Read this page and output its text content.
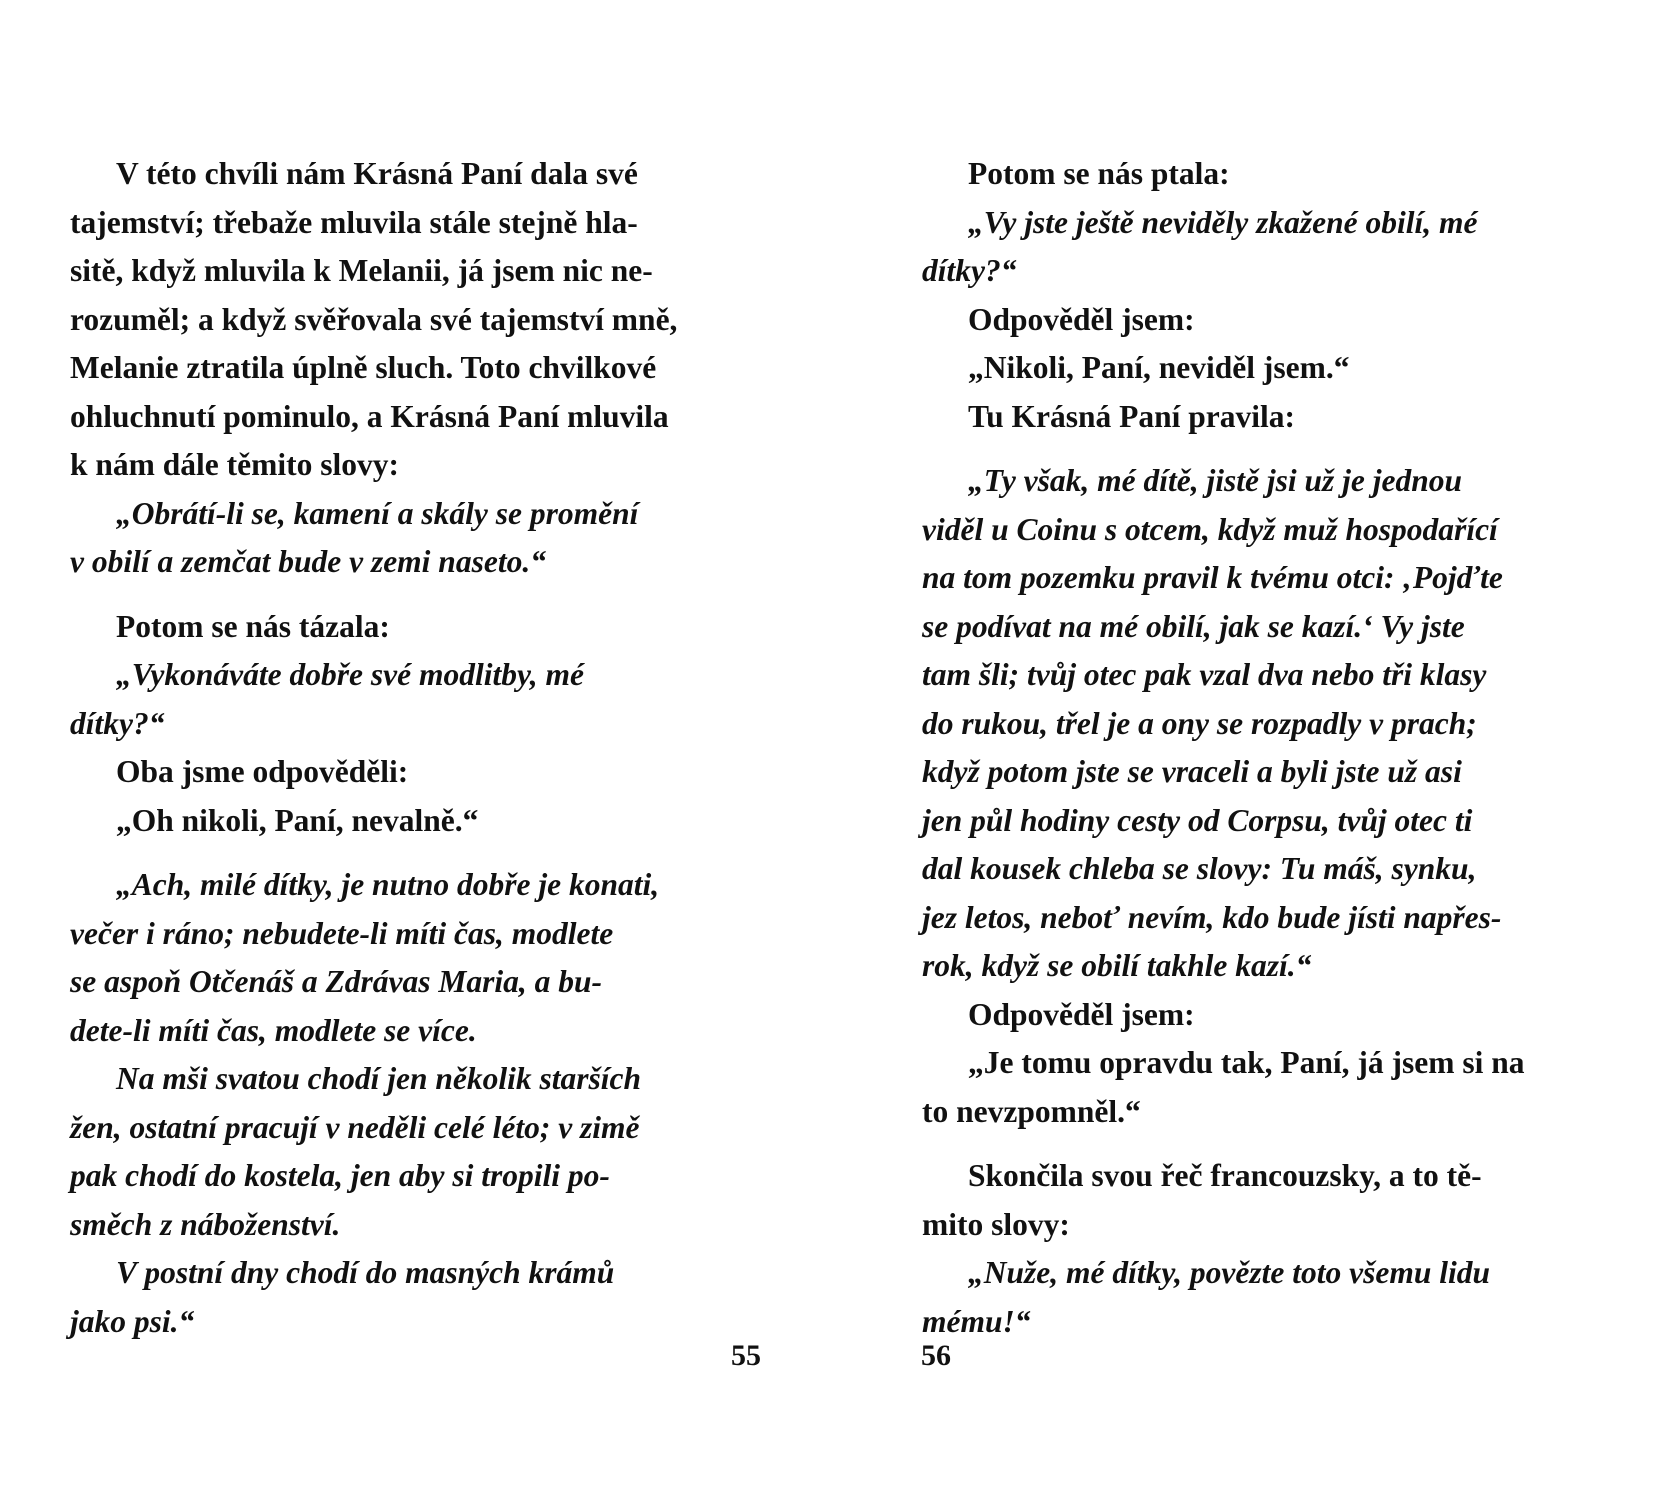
V této chvíli nám Krásná Paní dala své
tajemství; třebaže mluvila stále stejně hla-
sitě, když mluvila k Melanii, já jsem nic ne-
rozuměl; a když svěřovala své tajemství mně,
Melanie ztratila úplně sluch. Toto chvilkové
ohluchnutí pominulo, a Krásná Paní mluvila
k nám dále těmito slovy:
„Obrátí-li se, kamení a skály se promění
v obilí a zemčat bude v zemi naseto.“
Potom se nás tázala:
„Vykonáváte dobře své modlitby, mé
dítky?“
Oba jsme odpověděli:
„Oh nikoli, Paní, nevalně.“
„Ach, milé dítky, je nutno dobře je konati,
večer i ráno; nebudete-li míti čas, modlete
se aspoň Otčenáš a Zdrávas Maria, a bu-
dete-li míti čas, modlete se více.
Na mši svatou chodí jen několik starších
žen, ostatní pracují v neděli celé léto; v zimě
pak chodí do kostela, jen aby si tropili po-
směch z náboženství.
V postní dny chodí do masných krámů
jako psi.“
Potom se nás ptala:
„Vy jste ještě neviděly zkažené obilí, mé
dítky?“
Odpověděl jsem:
„Nikoli, Paní, neviděl jsem.“
Tu Krásná Paní pravila:
„Ty však, mé dítě, jistě jsi už je jednou
viděl u Coinu s otcem, když muž hospodařící
na tom pozemku pravil k tvému otci: ‚Pojďte
se podívat na mé obilí, jak se kazí.‘ Vy jste
tam šli; tvůj otec pak vzal dva nebo tři klasy
do rukou, třel je a ony se rozpadly v prach;
když potom jste se vraceli a byli jste už asi
jen půl hodiny cesty od Corpsu, tvůj otec ti
dal kousek chleba se slovy: Tu máš, synku,
jez letos, neboť nevím, kdo bude jísti napřes-
rok, když se obilí takhle kazí.“
Odpověděl jsem:
„Je tomu opravdu tak, Paní, já jsem si na
to nevzpomněl.“
Skončila svou řeč francouzsky, a to tě-
mito slovy:
„Nuže, mé dítky, povězte toto všemu lidu
mému!“
55	56
